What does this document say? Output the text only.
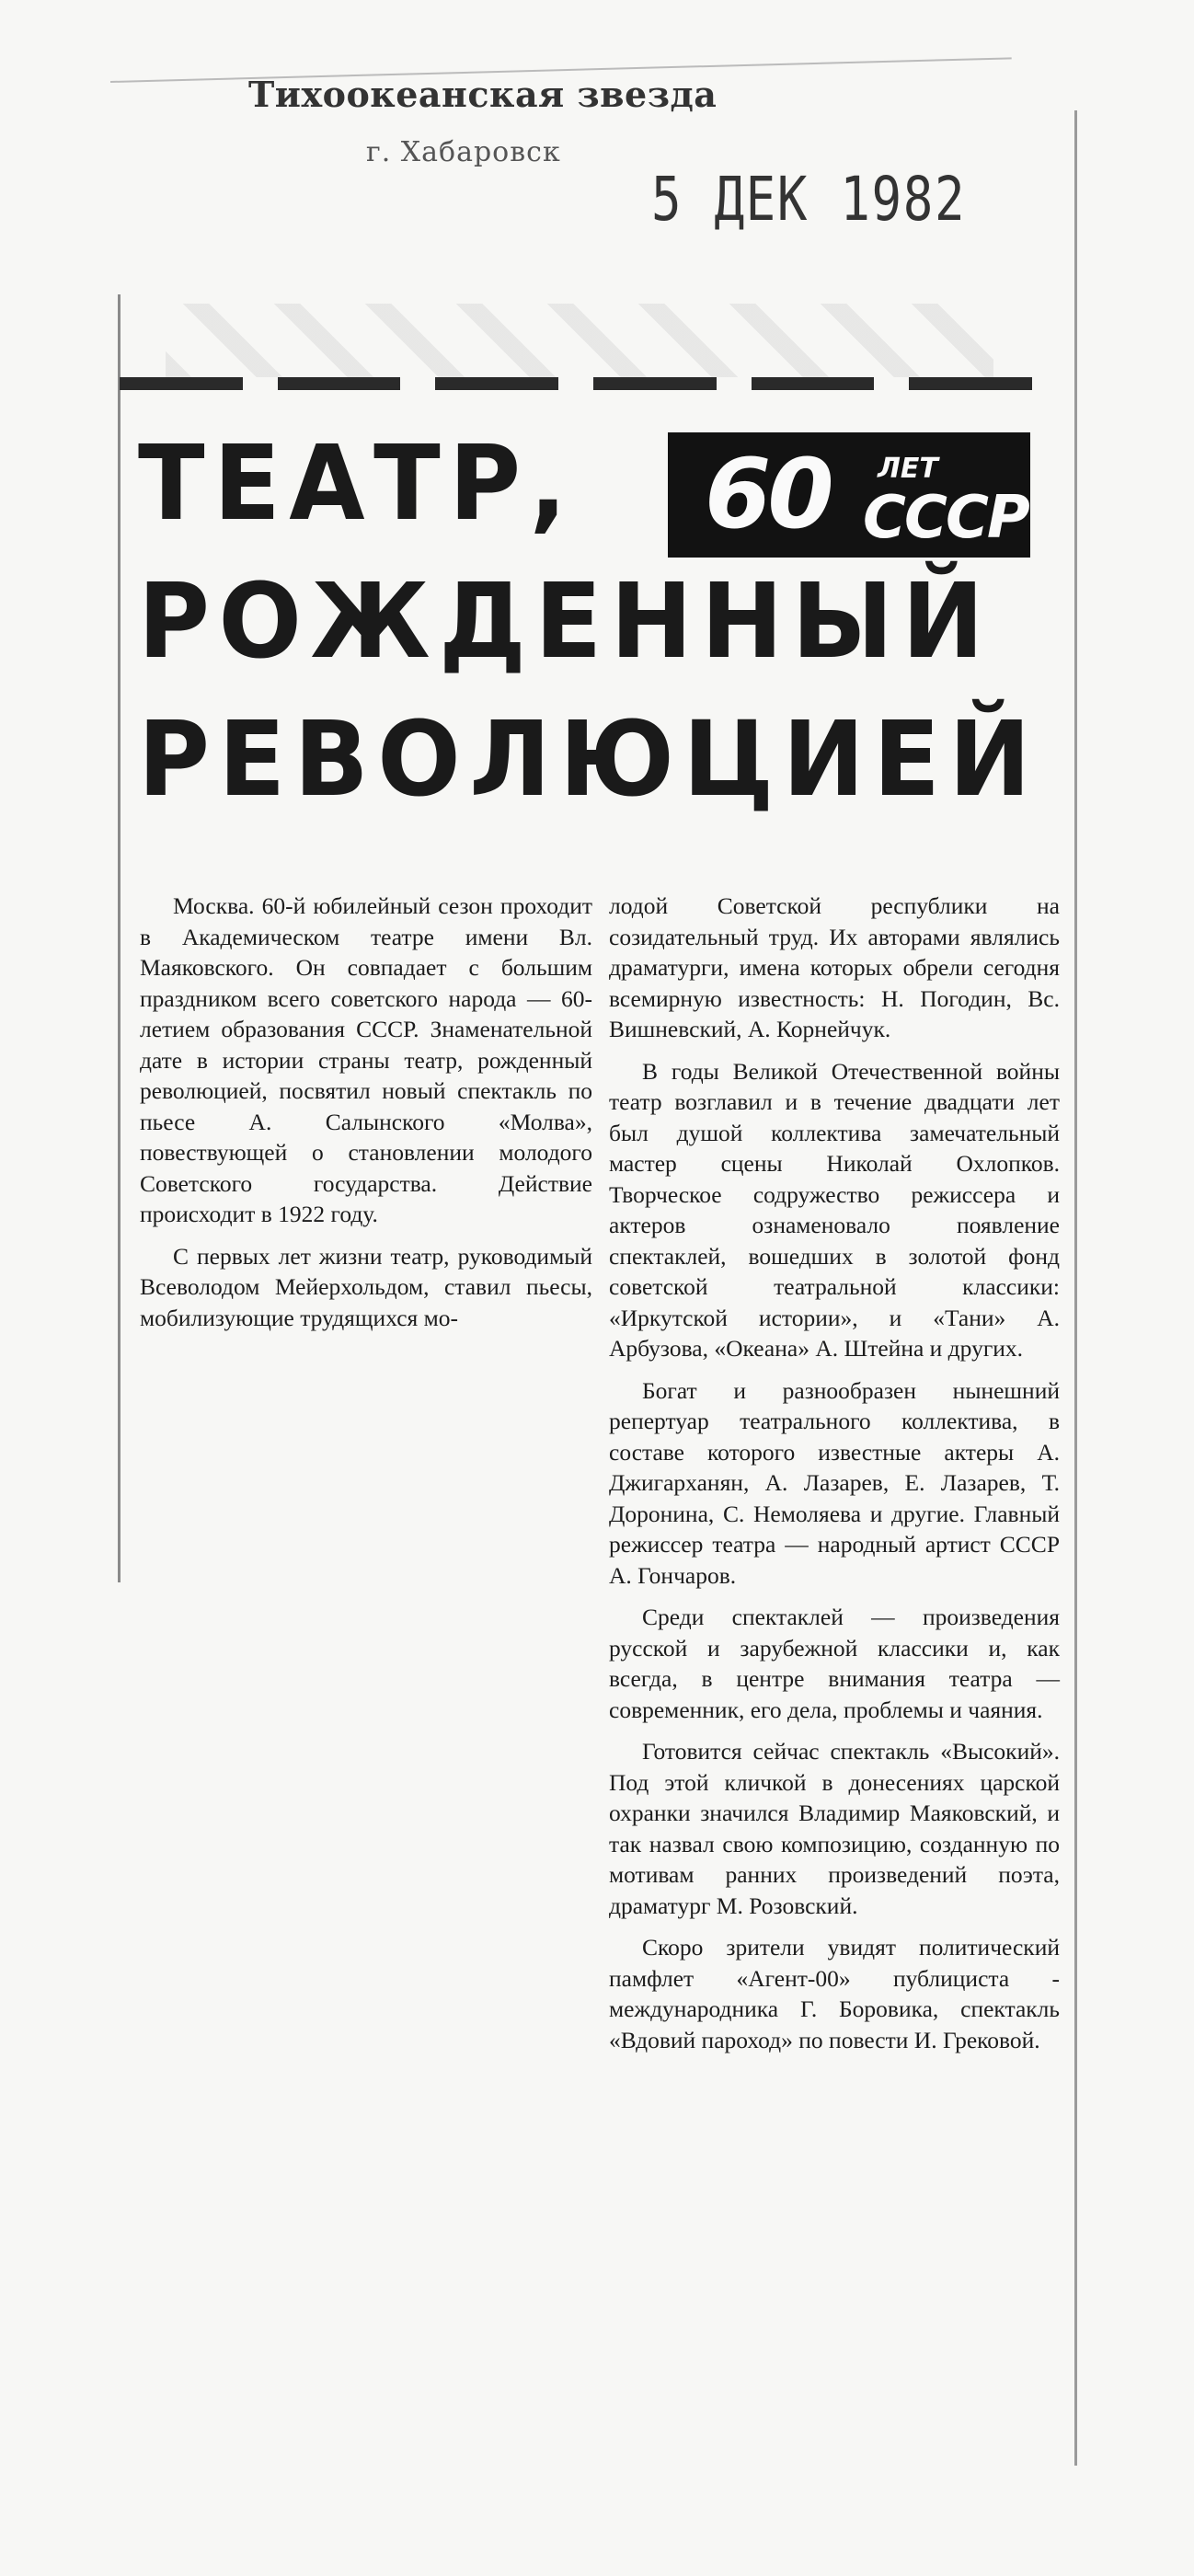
Тихоокеанская звезда
г. Хабаровск
5 ДЕК 1982
ТЕАТР,
РОЖДЕННЫЙ
РЕВОЛЮЦИЕЙ
60 ЛЕТ
СССР

Москва. 60-й юбилейный сезон проходит в Академическом театре имени Вл. Маяковского. Он совпадает с большим праздником всего советского народа — 60-летием образования СССР. Знаменательной дате в истории страны театр, рожденный революцией, посвятил новый спектакль по пьесе А. Салынского «Молва», повествующей о становлении молодого Советского государства. Действие происходит в 1922 году.

С первых лет жизни театр, руководимый Всеволодом Мейерхольдом, ставил пьесы, мобилизующие трудящихся мо-

лодой Советской республики на созидательный труд. Их авторами являлись драматурги, имена которых обрели сегодня всемирную известность: Н. Погодин, Вс. Вишневский, А. Корнейчук.

В годы Великой Отечественной войны театр возглавил и в течение двадцати лет был душой коллектива замечательный мастер сцены Николай Охлопков. Творческое содружество режиссера и актеров ознаменовало появление спектаклей, вошедших в золотой фонд советской театральной классики: «Иркутской истории», и «Тани» А. Арбузова, «Океана» А. Штейна и других.

Богат и разнообразен нынешний репертуар театрального коллектива, в составе которого известные актеры А. Джигарханян, А. Лазарев, Е. Лазарев, Т. Доронина, С. Немоляева и другие. Главный режиссер театра — народный артист СССР А. Гончаров.

Среди спектаклей — произведения русской и зарубежной классики и, как всегда, в центре внимания театра — современник, его дела, проблемы и чаяния.

Готовится сейчас спектакль «Высокий». Под этой кличкой в донесениях царской охранки значился Владимир Маяковский, и так назвал свою композицию, созданную по мотивам ранних произведений поэта, драматург М. Розовский.

Скоро зрители увидят политический памфлет «Агент-00» публициста - международника Г. Боровика, спектакль «Вдовий пароход» по повести И. Грековой.
